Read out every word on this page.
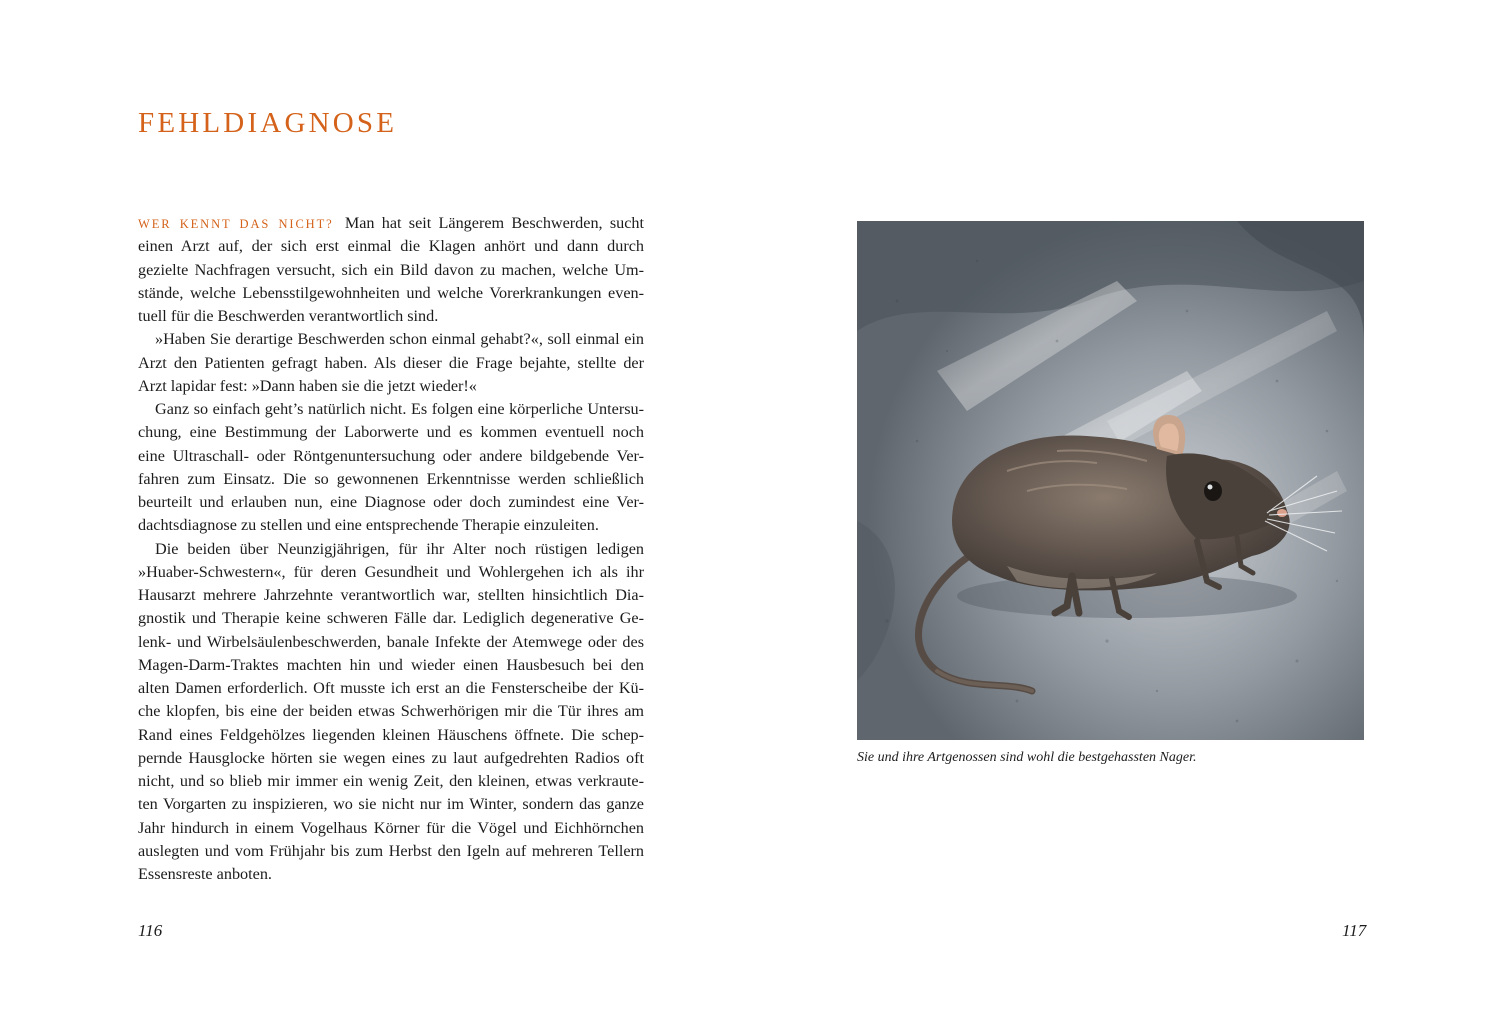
FEHLDIAGNOSE
WER KENNT DAS NICHT? Man hat seit Längerem Beschwerden, sucht
einen Arzt auf, der sich erst einmal die Klagen anhört und dann durch
gezielte Nachfragen versucht, sich ein Bild davon zu machen, welche Um-
stände, welche Lebensstilgewohnheiten und welche Vorerkrankungen even-
tuell für die Beschwerden verantwortlich sind.
»Haben Sie derartige Beschwerden schon einmal gehabt?«, soll einmal ein
Arzt den Patienten gefragt haben. Als dieser die Frage bejahte, stellte der
Arzt lapidar fest: »Dann haben sie die jetzt wieder!«
Ganz so einfach geht’s natürlich nicht. Es folgen eine körperliche Untersu-
chung, eine Bestimmung der Laborwerte und es kommen eventuell noch
eine Ultraschall- oder Röntgenuntersuchung oder andere bildgebende Ver-
fahren zum Einsatz. Die so gewonnenen Erkenntnisse werden schließlich
beurteilt und erlauben nun, eine Diagnose oder doch zumindest eine Ver-
dachtsdiagnose zu stellen und eine entsprechende Therapie einzuleiten.
Die beiden über Neunzigjährigen, für ihr Alter noch rüstigen ledigen
»Huaber-Schwestern«, für deren Gesundheit und Wohlergehen ich als ihr
Hausarzt mehrere Jahrzehnte verantwortlich war, stellten hinsichtlich Dia-
gnostik und Therapie keine schweren Fälle dar. Lediglich degenerative Ge-
lenk- und Wirbelsäulenbeschwerden, banale Infekte der Atemwege oder des
Magen-Darm-Traktes machten hin und wieder einen Hausbesuch bei den
alten Damen erforderlich. Oft musste ich erst an die Fensterscheibe der Kü-
che klopfen, bis eine der beiden etwas Schwerhörigen mir die Tür ihres am
Rand eines Feldgehölzes liegenden kleinen Häuschens öffnete. Die schep-
pernde Hausglocke hörten sie wegen eines zu laut aufgedrehten Radios oft
nicht, und so blieb mir immer ein wenig Zeit, den kleinen, etwas verkraute-
ten Vorgarten zu inspizieren, wo sie nicht nur im Winter, sondern das ganze
Jahr hindurch in einem Vogelhaus Körner für die Vögel und Eichhörnchen
auslegten und vom Frühjahr bis zum Herbst den Igeln auf mehreren Tellern
Essensreste anboten.
116
Sie und ihre Artgenossen sind wohl die bestgehassten Nager.
117
